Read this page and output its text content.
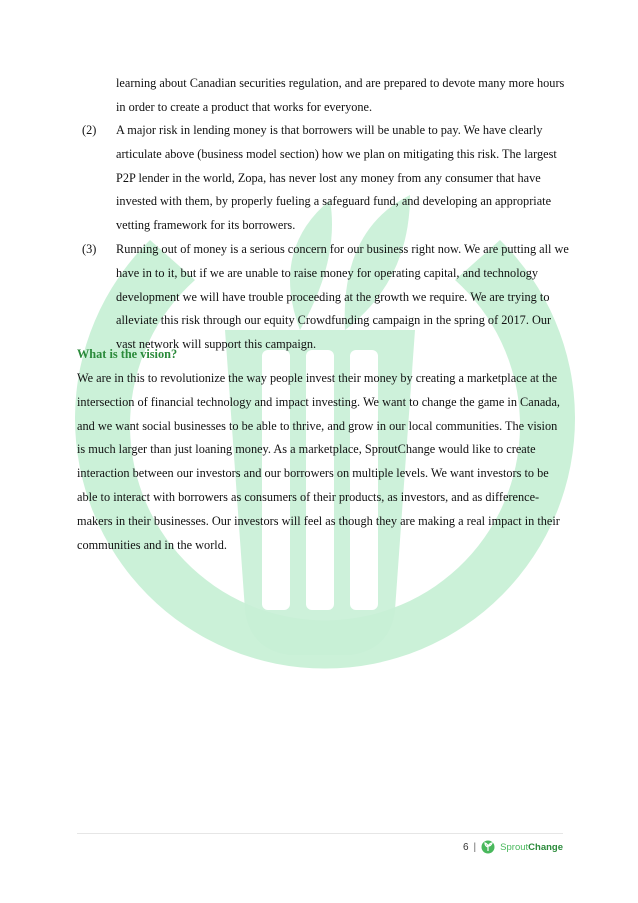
learning about Canadian securities regulation, and are prepared to devote many more hours in order to create a product that works for everyone.

(2) A major risk in lending money is that borrowers will be unable to pay. We have clearly articulate above (business model section) how we plan on mitigating this risk. The largest P2P lender in the world, Zopa, has never lost any money from any consumer that have invested with them, by properly fueling a safeguard fund, and developing an appropriate vetting framework for its borrowers.
(3) Running out of money is a serious concern for our business right now. We are putting all we have in to it, but if we are unable to raise money for operating capital, and technology development we will have trouble proceeding at the growth we require. We are trying to alleviate this risk through our equity Crowdfunding campaign in the spring of 2017. Our vast network will support this campaign.
What is the vision?

We are in this to revolutionize the way people invest their money by creating a marketplace at the intersection of financial technology and impact investing. We want to change the game in Canada, and we want social businesses to be able to thrive, and grow in our local communities. The vision is much larger than just loaning money. As a marketplace, SproutChange would like to create interaction between our investors and our borrowers on multiple levels. We want investors to be able to interact with borrowers as consumers of their products, as investors, and as difference-makers in their businesses. Our investors will feel as though they are making a real impact in their communities and in the world.

6 |	SproutChange
